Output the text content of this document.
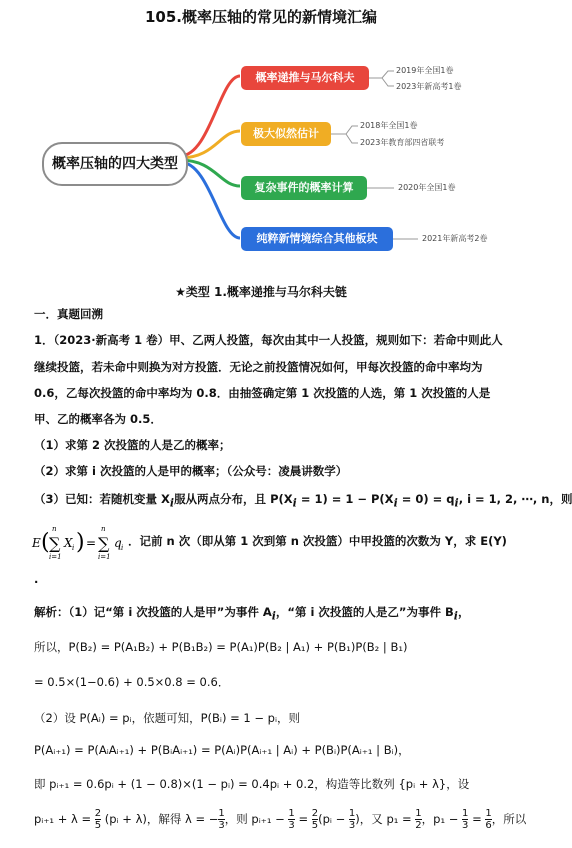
105.概率压轴的常见的新情境汇编
概率压轴的四大类型
概率递推与马尔科夫
极大似然估计
复杂事件的概率计算
纯粹新情境综合其他板块
2019年全国1卷
2023年新高考1卷
2018年全国1卷
2023年教育部四省联考
2020年全国1卷
2021年新高考2卷
★类型 1.概率递推与马尔科夫链
一．真题回溯
1．（2023·新高考 1 卷）甲、乙两人投篮，每次由其中一人投篮，规则如下：若命中则此人
继续投篮，若未命中则换为对方投篮．无论之前投篮情况如何，甲每次投篮的命中率均为
0.6，乙每次投篮的命中率均为 0.8．由抽签确定第 1 次投篮的人选，第 1 次投篮的人是
甲、乙的概率各为 0.5．
（1）求第 2 次投篮的人是乙的概率；
（2）求第 i 次投篮的人是甲的概率；（公众号：凌晨讲数学）
（3）已知：若随机变量 $X_i$服从两点分布，且 $P(X_i = 1) = 1 - P(X_i = 0) = q_i$, i = 1, 2, ⋯, n，则
E ( ∑
n
i=1
X i ) = ∑
n
i=1
q i ．记前 n 次（即从第 1 次到第 n 次投篮）中甲投篮的次数为 Y，求 E(Y)
.
解析：（1）记“第 i 次投篮的人是甲”为事件 $A_i$，“第 i 次投篮的人是乙”为事件 $B_i$，
所以，P(B₂) = P(A₁B₂) + P(B₁B₂) = P(A₁)P(B₂ | A₁) + P(B₁)P(B₂ | B₁)
= 0.5×(1−0.6) + 0.5×0.8 = 0.6．
（2）设 P(Aᵢ) = pᵢ，依题可知，P(Bᵢ) = 1 − pᵢ，则
P(Aᵢ₊₁) = P(AᵢAᵢ₊₁) + P(BᵢAᵢ₊₁) = P(Aᵢ)P(Aᵢ₊₁ | Aᵢ) + P(Bᵢ)P(Aᵢ₊₁ | Bᵢ)，
即 pᵢ₊₁ = 0.6pᵢ + (1 − 0.8)×(1 − pᵢ) = 0.4pᵢ + 0.2，构造等比数列 {pᵢ + λ}，设
pᵢ₊₁ + $\lambda = \frac{2}{5}$ (pᵢ + λ)，解得 λ = − $\frac{1}{3}$ ，则 pᵢ₊₁ − $\frac{1}{3} = \frac{2}{5}$ (pᵢ − $\frac{1}{3}$ )，又 $p_1 = \frac{1}{2}$ ，$p_1 - \frac{1}{3} = \frac{1}{6}$ ，所以
